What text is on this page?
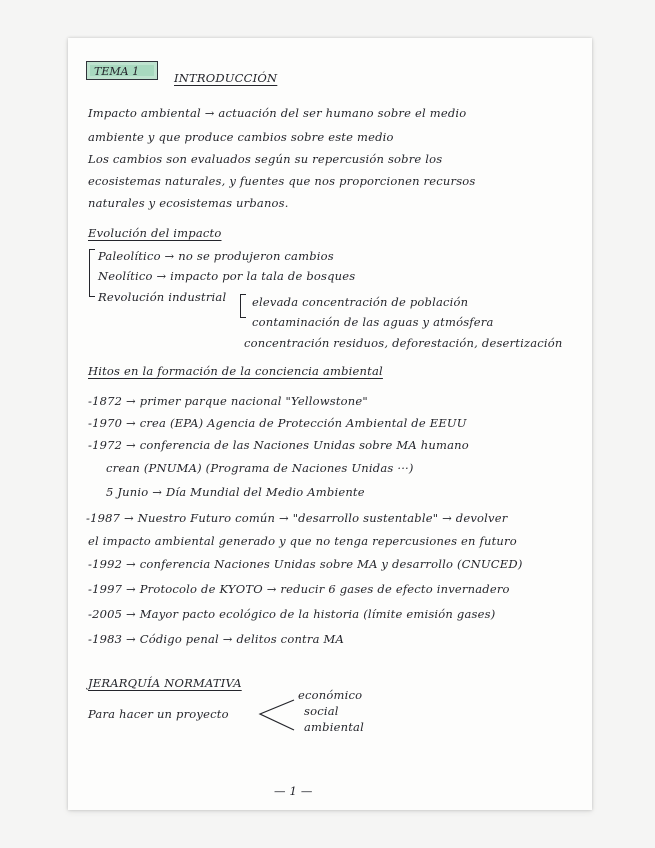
TEMA 1	INTRODUCCIÓN
Impacto ambiental → actuación del ser humano sobre el medio
ambiente y que produce cambios sobre este medio
Los cambios son evaluados según su repercusión sobre los
ecosistemas naturales, y fuentes que nos proporcionen recursos
naturales y ecosistemas urbanos.
Evolución del impacto
Paleolítico → no se produjeron cambios
Neolítico → impacto por la tala de bosques
Revolución industrial elevada concentración de población
contaminación de las aguas y atmósfera
concentración residuos, deforestación, desertización
Hitos en la formación de la conciencia ambiental
-1872 → primer parque nacional "Yellowstone"
-1970 → crea (EPA) Agencia de Protección Ambiental de EEUU
-1972 → conferencia de las Naciones Unidas sobre MA humano
crean (PNUMA) (Programa de Naciones Unidas ···)
5 Junio → Día Mundial del Medio Ambiente
-1987 → Nuestro Futuro común → "desarrollo sustentable" → devolver
el impacto ambiental generado y que no tenga repercusiones en futuro
-1992 → conferencia Naciones Unidas sobre MA y desarrollo (CNUCED)
-1997 → Protocolo de KYOTO → reducir 6 gases de efecto invernadero
-2005 → Mayor pacto ecológico de la historia (límite emisión gases)
-1983 → Código penal → delitos contra MA
JERARQUÍA NORMATIVA
Para hacer un proyecto
económico
social
ambiental
— 1 —
